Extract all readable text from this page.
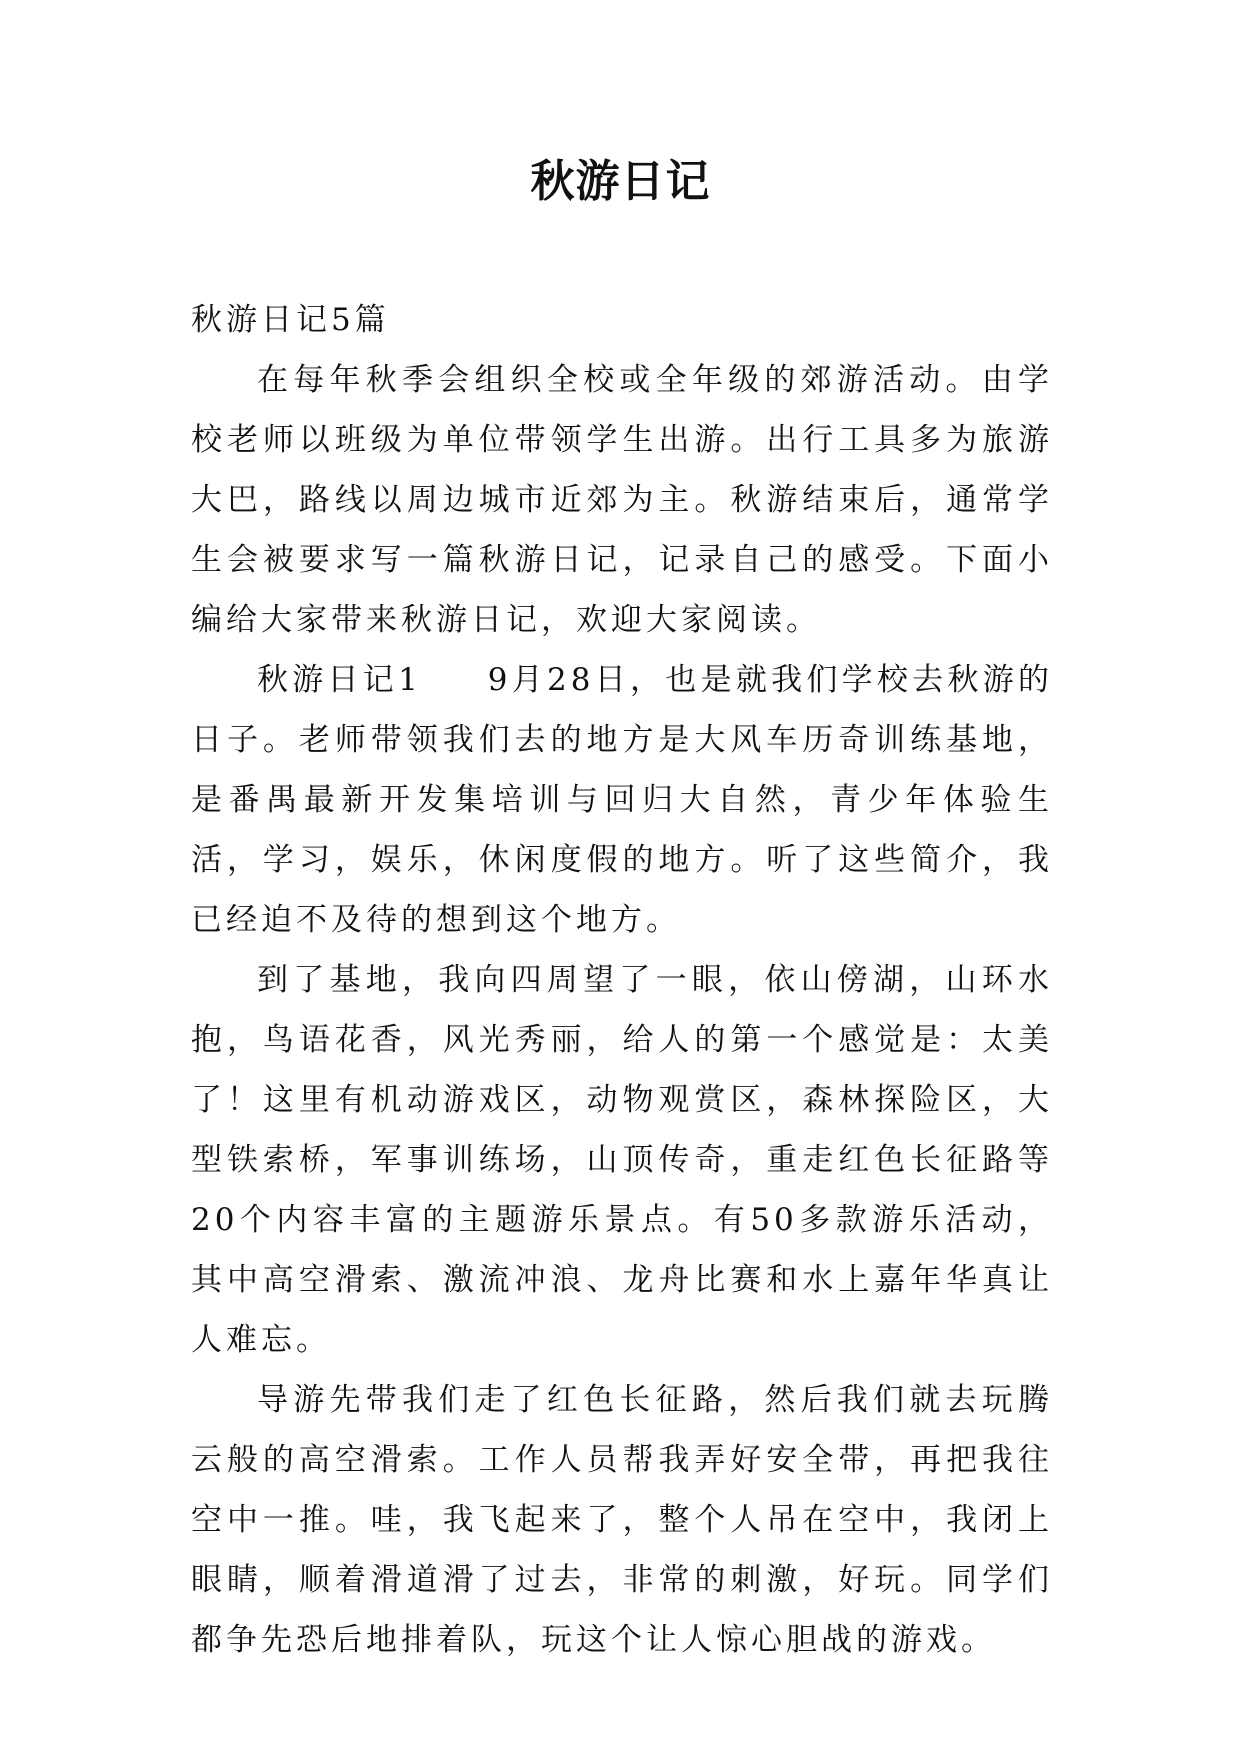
秋游日记

秋游日记5篇

在每年秋季会组织全校或全年级的郊游活动。由学校老师以班级为单位带领学生出游。出行工具多为旅游大巴，路线以周边城市近郊为主。秋游结束后，通常学生会被要求写一篇秋游日记，记录自己的感受。下面小编给大家带来秋游日记，欢迎大家阅读。

秋游日记1 9月28日，也是就我们学校去秋游的日子。老师带领我们去的地方是大风车历奇训练基地，是番禺最新开发集培训与回归大自然，青少年体验生活，学习，娱乐，休闲度假的地方。听了这些简介，我已经迫不及待的想到这个地方。

到了基地，我向四周望了一眼，依山傍湖，山环水抱，鸟语花香，风光秀丽，给人的第一个感觉是：太美了！这里有机动游戏区，动物观赏区，森林探险区，大型铁索桥，军事训练场，山顶传奇，重走红色长征路等20个内容丰富的主题游乐景点。有50多款游乐活动，其中高空滑索、激流冲浪、龙舟比赛和水上嘉年华真让人难忘。

导游先带我们走了红色长征路，然后我们就去玩腾云般的高空滑索。工作人员帮我弄好安全带，再把我往空中一推。哇，我飞起来了，整个人吊在空中，我闭上眼睛，顺着滑道滑了过去，非常的刺激，好玩。同学们都争先恐后地排着队，玩这个让人惊心胆战的游戏。
